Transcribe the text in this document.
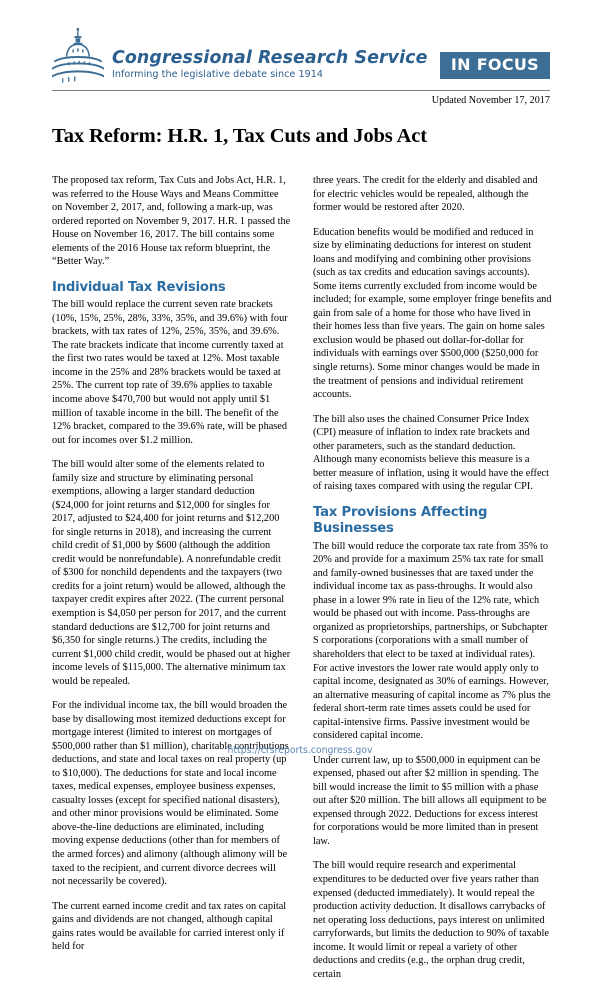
Congressional Research Service
Informing the legislative debate since 1914
IN FOCUS
Updated November 17, 2017
Tax Reform: H.R. 1, Tax Cuts and Jobs Act

The proposed tax reform, Tax Cuts and Jobs Act, H.R. 1, was referred to the House Ways and Means Committee on November 2, 2017, and, following a mark-up, was ordered reported on November 9, 2017. H.R. 1 passed the House on November 16, 2017. The bill contains some elements of the 2016 House tax reform blueprint, the “Better Way.”

Individual Tax Revisions

The bill would replace the current seven rate brackets (10%, 15%, 25%, 28%, 33%, 35%, and 39.6%) with four brackets, with tax rates of 12%, 25%, 35%, and 39.6%. The rate brackets indicate that income currently taxed at the first two rates would be taxed at 12%. Most taxable income in the 25% and 28% brackets would be taxed at 25%. The current top rate of 39.6% applies to taxable income above $470,700 but would not apply until $1 million of taxable income in the bill. The benefit of the 12% bracket, compared to the 39.6% rate, will be phased out for incomes over $1.2 million.

The bill would alter some of the elements related to family size and structure by eliminating personal exemptions, allowing a larger standard deduction ($24,000 for joint returns and $12,000 for singles for 2017, adjusted to $24,400 for joint returns and $12,200 for single returns in 2018), and increasing the current child credit of $1,000 by $600 (although the addition credit would be nonrefundable). A nonrefundable credit of $300 for nonchild dependents and the taxpayers (two credits for a joint return) would be allowed, although the taxpayer credit expires after 2022. (The current personal exemption is $4,050 per person for 2017, and the current standard deductions are $12,700 for joint returns and $6,350 for single returns.) The credits, including the current $1,000 child credit, would be phased out at higher income levels of $115,000. The alternative minimum tax would be repealed.

For the individual income tax, the bill would broaden the base by disallowing most itemized deductions except for mortgage interest (limited to interest on mortgages of $500,000 rather than $1 million), charitable contributions deductions, and state and local taxes on real property (up to $10,000). The deductions for state and local income taxes, medical expenses, employee business expenses, casualty losses (except for specified national disasters), and other minor provisions would be eliminated. Some above-the-line deductions are eliminated, including moving expense deductions (other than for members of the armed forces) and alimony (although alimony will be taxed to the recipient, and current divorce decrees will not necessarily be covered).

The current earned income credit and tax rates on capital gains and dividends are not changed, although capital gains rates would be available for carried interest only if held for

three years. The credit for the elderly and disabled and for electric vehicles would be repealed, although the former would be restored after 2020.

Education benefits would be modified and reduced in size by eliminating deductions for interest on student loans and modifying and combining other provisions (such as tax credits and education savings accounts). Some items currently excluded from income would be included; for example, some employer fringe benefits and gain from sale of a home for those who have lived in their homes less than five years. The gain on home sales exclusion would be phased out dollar-for-dollar for individuals with earnings over $500,000 ($250,000 for single returns). Some minor changes would be made in the treatment of pensions and individual retirement accounts.

The bill also uses the chained Consumer Price Index (CPI) measure of inflation to index rate brackets and other parameters, such as the standard deduction. Although many economists believe this measure is a better measure of inflation, using it would have the effect of raising taxes compared with using the regular CPI.

Tax Provisions Affecting Businesses

The bill would reduce the corporate tax rate from 35% to 20% and provide for a maximum 25% tax rate for small and family-owned businesses that are taxed under the individual income tax as pass-throughs. It would also phase in a lower 9% rate in lieu of the 12% rate, which would be phased out with income. Pass-throughs are organized as proprietorships, partnerships, or Subchapter S corporations (corporations with a small number of shareholders that elect to be taxed at individual rates). For active investors the lower rate would apply only to capital income, designated as 30% of earnings. However, an alternative measuring of capital income as 7% plus the federal short-term rate times assets could be used for capital-intensive firms. Passive investment would be considered capital income.

Under current law, up to $500,000 in equipment can be expensed, phased out after $2 million in spending. The bill would increase the limit to $5 million with a phase out after $20 million. The bill allows all equipment to be expensed through 2022. Deductions for excess interest for corporations would be more limited than in present law.

The bill would require research and experimental expenditures to be deducted over five years rather than expensed (deducted immediately). It would repeal the production activity deduction. It disallows carrybacks of net operating loss deductions, pays interest on unlimited carryforwards, but limits the deduction to 90% of taxable income. It would limit or repeal a variety of other deductions and credits (e.g., the orphan drug credit, certain

https://crsreports.congress.gov
